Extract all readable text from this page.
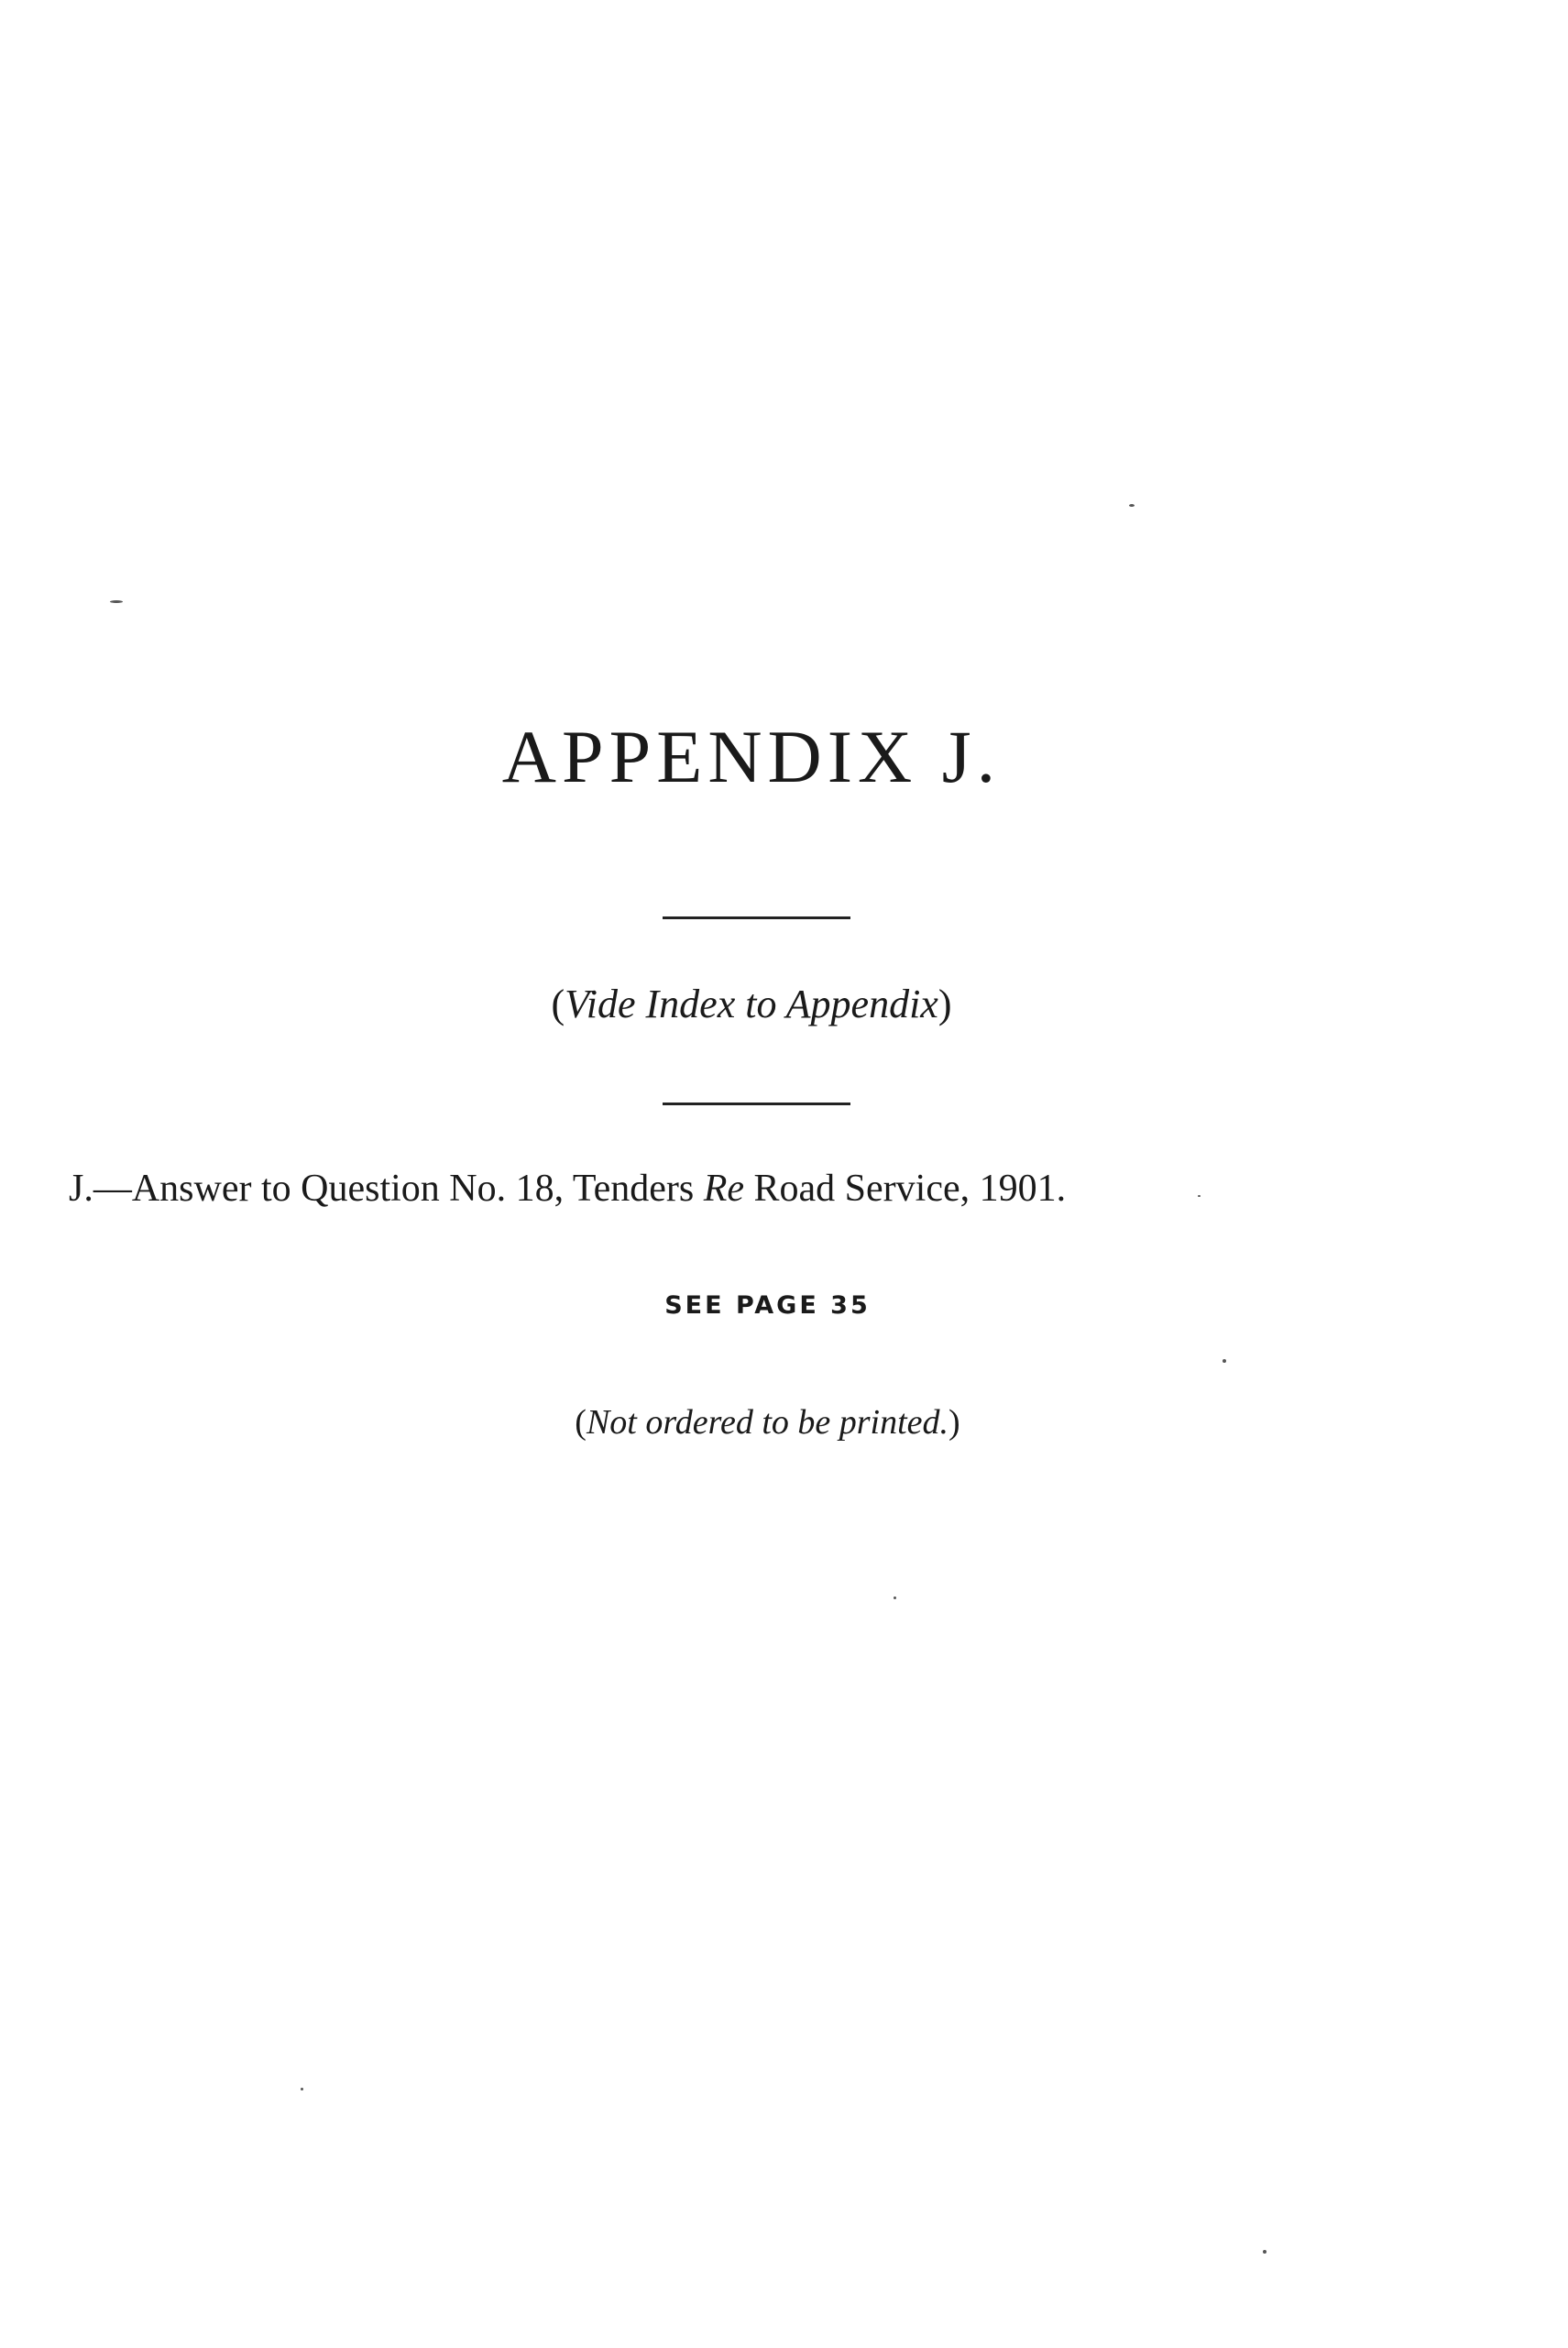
APPENDIX J.
(Vide Index to Appendix)
J.—Answer to Question No. 18, Tenders Re Road Service, 1901.
SEE PAGE 35
(Not ordered to be printed.)
